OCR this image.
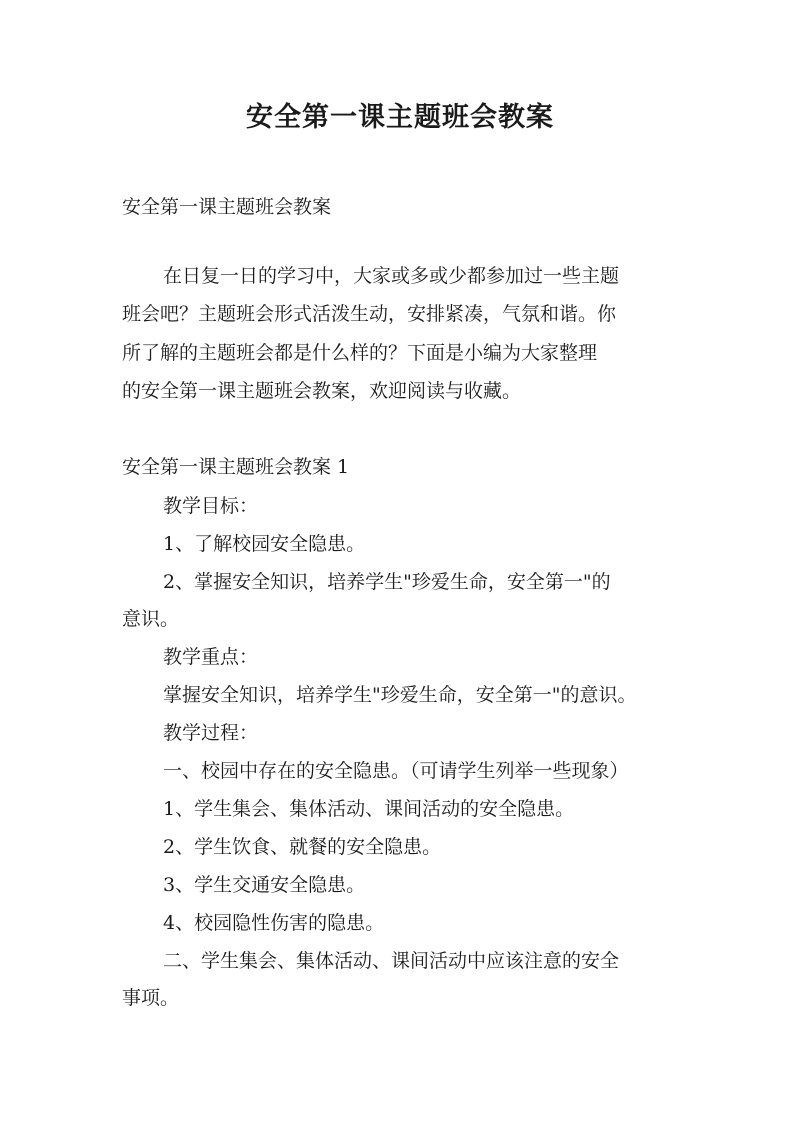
安全第一课主题班会教案
安全第一课主题班会教案
在日复一日的学习中，大家或多或少都参加过一些主题
班会吧？主题班会形式活泼生动，安排紧凑，气氛和谐。你
所了解的主题班会都是什么样的？下面是小编为大家整理
的安全第一课主题班会教案，欢迎阅读与收藏。
安全第一课主题班会教案 1
教学目标：
1、了解校园安全隐患。
2、掌握安全知识，培养学生"珍爱生命，安全第一"的
意识。
教学重点：
掌握安全知识，培养学生"珍爱生命，安全第一"的意识。
教学过程：
一、校园中存在的安全隐患。（可请学生列举一些现象）
1、学生集会、集体活动、课间活动的安全隐患。
2、学生饮食、就餐的安全隐患。
3、学生交通安全隐患。
4、校园隐性伤害的隐患。
二、学生集会、集体活动、课间活动中应该注意的安全
事项。
